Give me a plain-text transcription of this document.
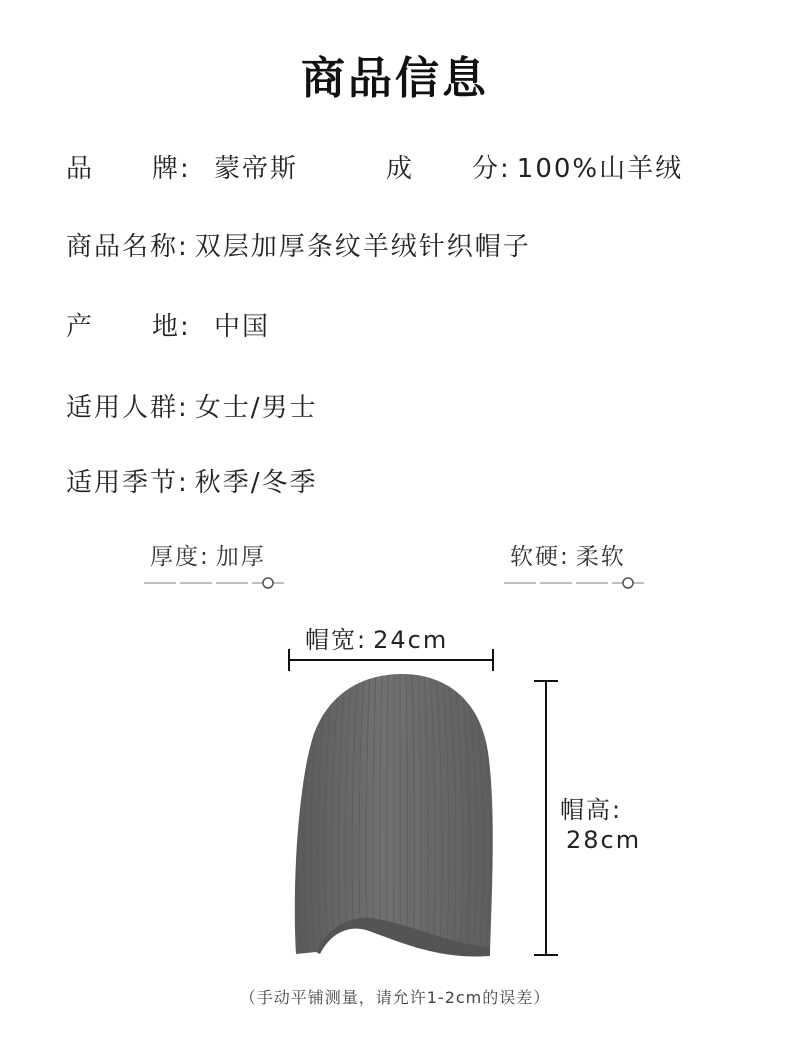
商品信息
品 牌: 蒙帝斯	成 分: 100%山羊绒
商品名称: 双层加厚条纹羊绒针织帽子
产 地: 中国
适用人群: 女士/男士
适用季节: 秋季/冬季
厚度: 加厚	软硬: 柔软
帽宽: 24cm
帽高:
28cm
（手动平铺测量，请允许1-2cm的误差）
